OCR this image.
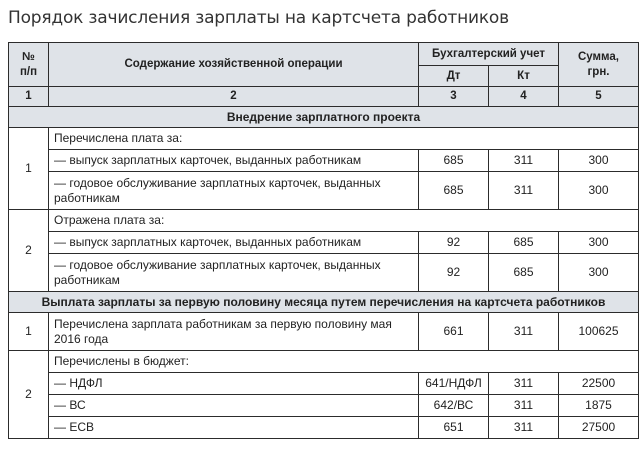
Порядок зачисления зарплаты на картсчета работников
№
п/п	Содержание хозяйственной операции	Бухгалтерский учет		Сумма,
грн.
		Дт	Кт	
1	2	3	4	5
Внедрение зарплатного проекта				
1	Перечислена плата за:			
	— выпуск зарплатных карточек, выданных работникам	685	311	300
	— годовое обслуживание зарплатных карточек, выданных работникам	685	311	300
2	Отражена плата за:			
	— выпуск зарплатных карточек, выданных работникам	92	685	300
	— годовое обслуживание зарплатных карточек, выданных работникам	92	685	300
Выплата зарплаты за первую половину месяца путем перечисления на картсчета работников				
1	Перечислена зарплата работникам за первую половину мая 2016 года	661	311	100625
2	Перечислены в бюджет:			
	— НДФЛ	641/НДФЛ	311	22500
	— ВС	642/ВС	311	1875
	— ЕСВ	651	311	27500
